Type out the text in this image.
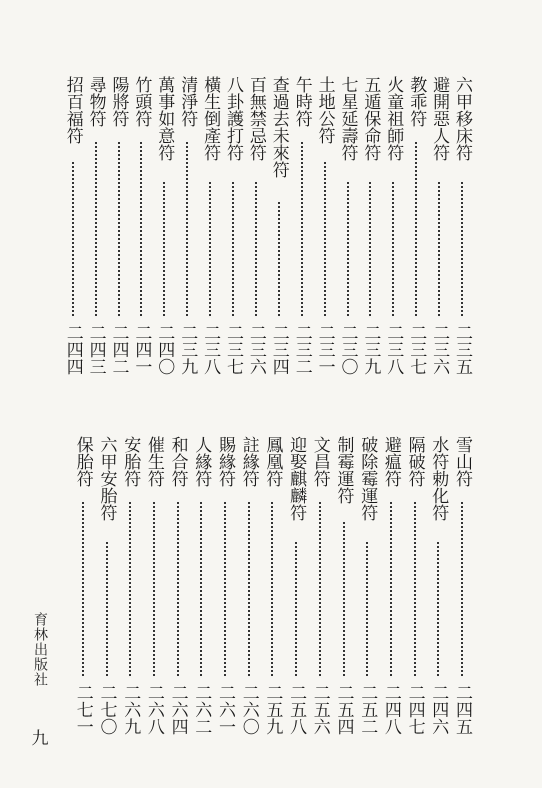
六甲移床符
二三五
避開惡人符
二三六
教乖符
二三七
火童祖師符
二三八
五遁保命符
二三九
七星延壽符
二三〇
土地公符
二三一
午時符
二三二
查過去未來符
二三四
百無禁忌符
二三六
八卦護打符
二三七
橫生倒產符
二三八
清淨符
二三九
萬事如意符
二四〇
竹頭符
二四一
陽將符
二四二
尋物符
二四三
招百福符
二四四
雪山符
二四五
水符勅化符
二四六
隔破符
二四七
避瘟符
二四八
破除霉運符
二五二
制霉運符
二五四
文昌符
二五六
迎娶麒麟符
二五八
鳳凰符
二五九
註緣符
二六〇
賜緣符
二六一
人緣符
二六二
和合符
二六四
催生符
二六八
安胎符
二六九
六甲安胎符
二七〇
保胎符
二七一
育林出版社
九
